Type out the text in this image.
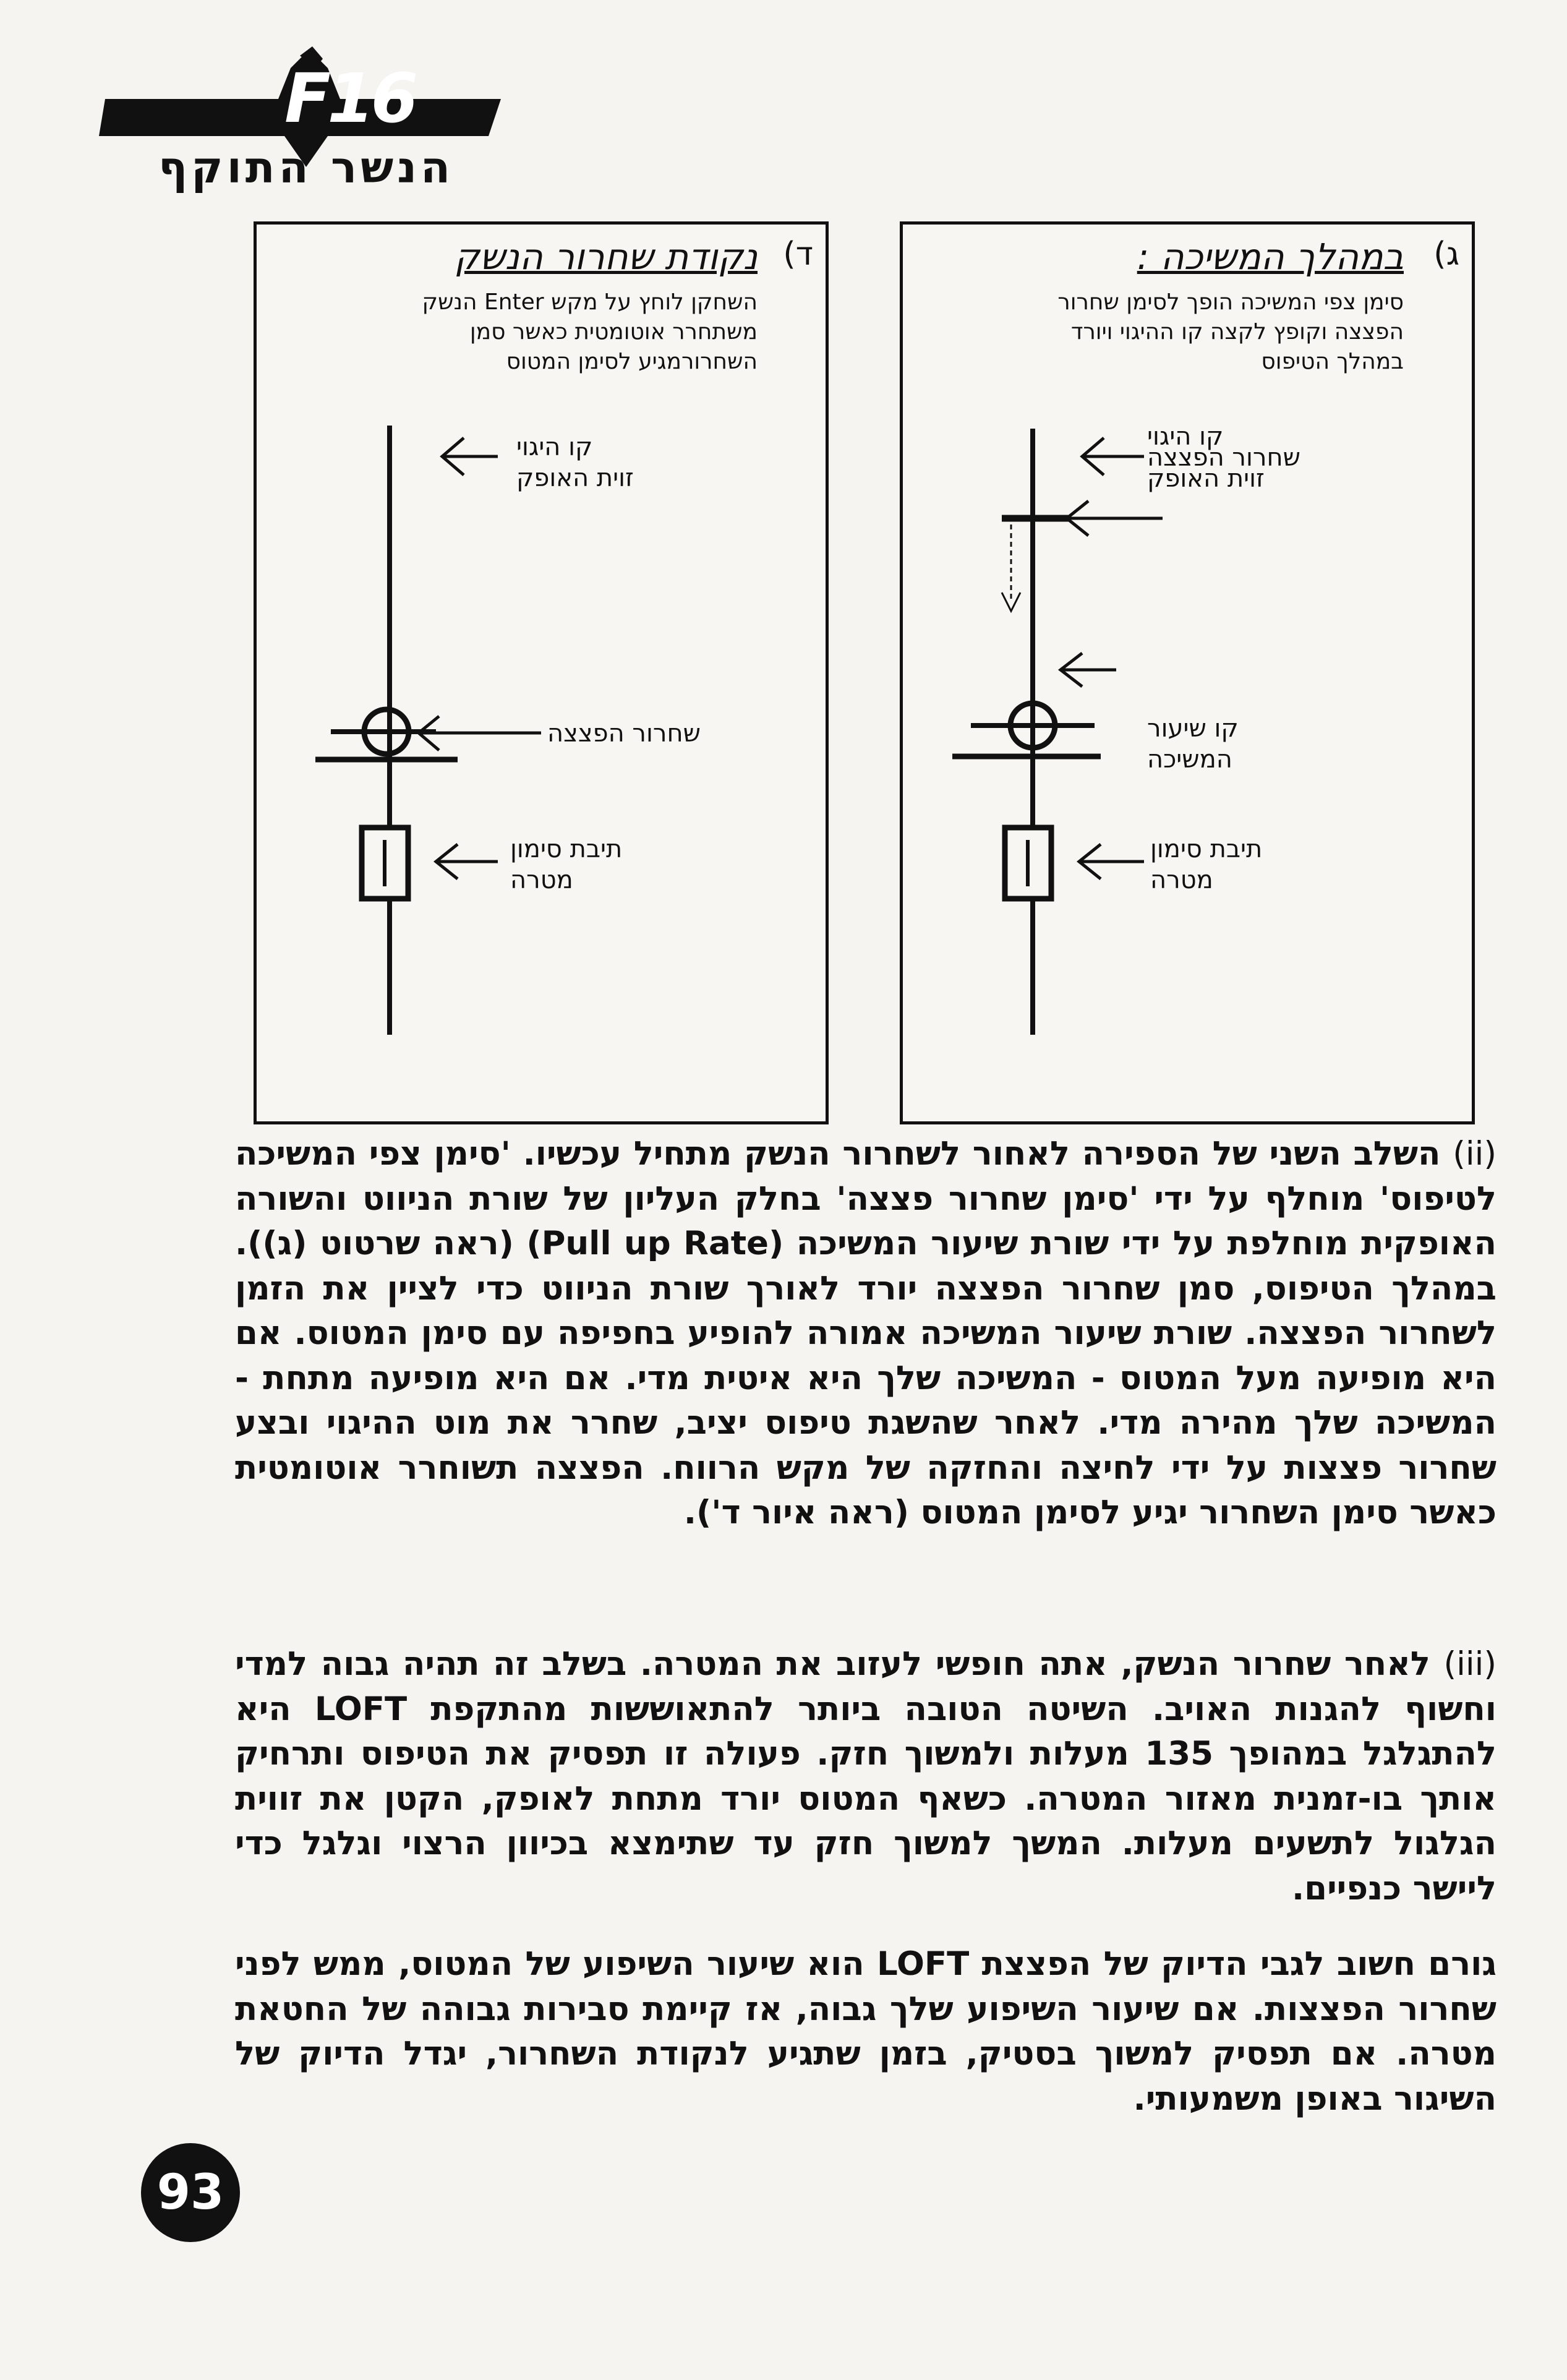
F16
הנשר התוקף
ד)
נקודת שחרור הנשק
השחקן לוחץ על מקש Enter הנשק משתחרר אוטומטית כאשר סמן השחרורמגיע לסימן המטוס
קו היגוי
זוית האופק
שחרור הפצצה
תיבת סימון
מטרה
ג)
במהלך המשיכה :
סימן צפי המשיכה הופך לסימן שחרור הפצצה וקופץ לקצה קו ההיגוי ויורד במהלך הטיפוס
קו היגוי
שחרור הפצצה
זוית האופק
קו שיעור
המשיכה
תיבת סימון
מטרה
(ii) השלב השני של הספירה לאחור לשחרור הנשק מתחיל עכשיו. 'סימן צפי המשיכה לטיפוס' מוחלף על ידי 'סימן שחרור פצצה' בחלק העליון של שורת הניווט והשורה האופקית מוחלפת על ידי שורת שיעור המשיכה (Pull up Rate) (ראה שרטוט (ג)). במהלך הטיפוס, סמן שחרור הפצצה יורד לאורך שורת הניווט כדי לציין את הזמן לשחרור הפצצה. שורת שיעור המשיכה אמורה להופיע בחפיפה עם סימן המטוס. אם היא מופיעה מעל המטוס - המשיכה שלך היא איטית מדי. אם היא מופיעה מתחת - המשיכה שלך מהירה מדי. לאחר שהשגת טיפוס יציב, שחרר את מוט ההיגוי ובצע שחרור פצצות על ידי לחיצה והחזקה של מקש הרווח. הפצצה תשוחרר אוטומטית כאשר סימן השחרור יגיע לסימן המטוס (ראה איור ד').
(iii) לאחר שחרור הנשק, אתה חופשי לעזוב את המטרה. בשלב זה תהיה גבוה למדי וחשוף להגנות האויב. השיטה הטובה ביותר להתאוששות מהתקפת LOFT היא להתגלגל במהופך 135 מעלות ולמשוך חזק. פעולה זו תפסיק את הטיפוס ותרחיק אותך בו-זמנית מאזור המטרה. כשאף המטוס יורד מתחת לאופק, הקטן את זווית הגלגול לתשעים מעלות. המשך למשוך חזק עד שתימצא בכיוון הרצוי וגלגל כדי ליישר כנפיים.
גורם חשוב לגבי הדיוק של הפצצת LOFT הוא שיעור השיפוע של המטוס, ממש לפני שחרור הפצצות. אם שיעור השיפוע שלך גבוה, אז קיימת סבירות גבוהה של החטאת מטרה. אם תפסיק למשוך בסטיק, בזמן שתגיע לנקודת השחרור, יגדל הדיוק של השיגור באופן משמעותי.
93
